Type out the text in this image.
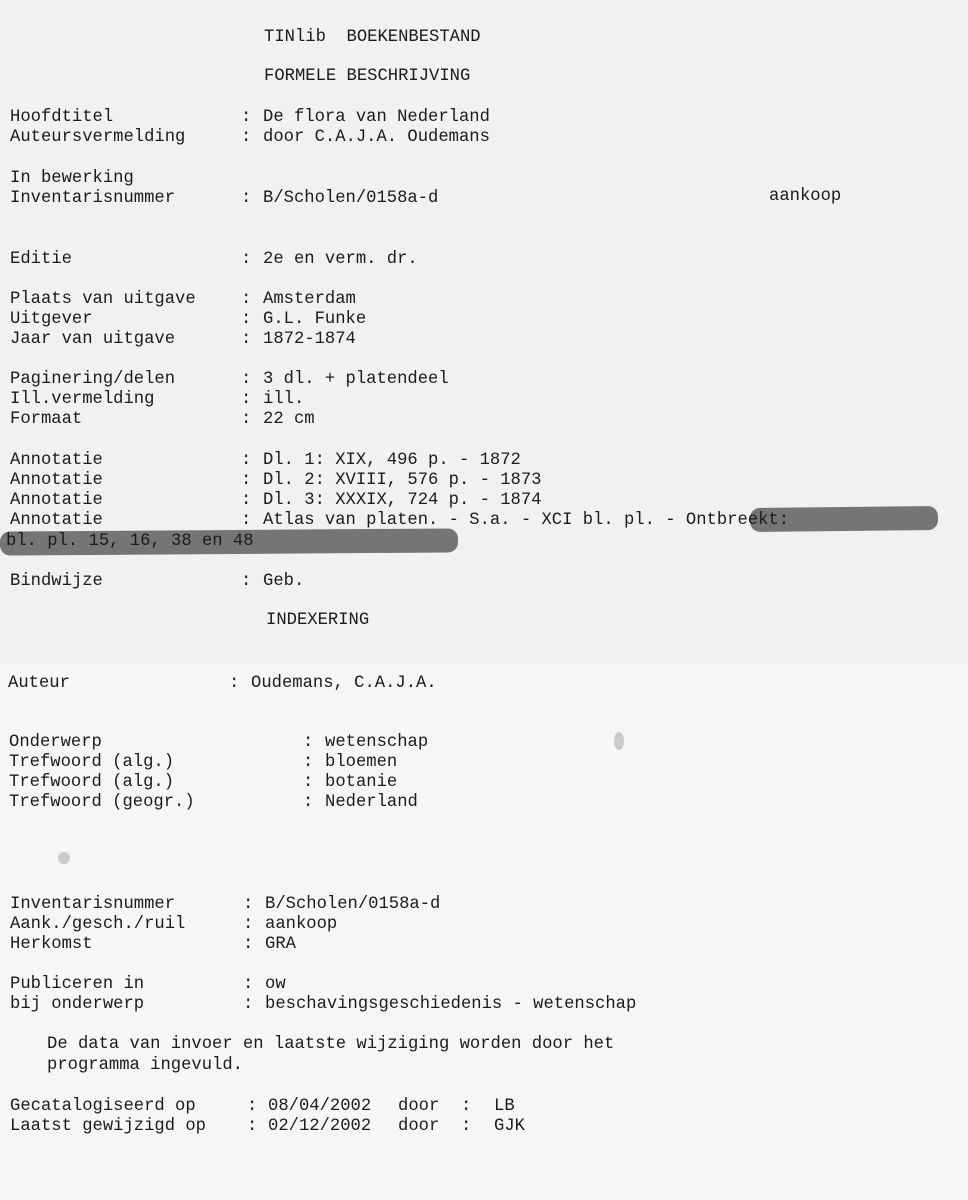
TINlib  BOEKENBESTAND
FORMELE BESCHRIJVING
Hoofdtitel	: De flora van Nederland
Auteursvermelding	: door C.A.J.A. Oudemans
In bewerking
Inventarisnummer	: B/Scholen/0158a-d	aankoop
Editie	: 2e en verm. dr.
Plaats van uitgave	: Amsterdam
Uitgever	: G.L. Funke
Jaar van uitgave	: 1872-1874
Paginering/delen	: 3 dl. + platendeel
Ill.vermelding	: ill.
Formaat	: 22 cm
Annotatie	: Dl. 1: XIX, 496 p. - 1872
Annotatie	: Dl. 2: XVIII, 576 p. - 1873
Annotatie	: Dl. 3: XXXIX, 724 p. - 1874
Annotatie	: Atlas van platen. - S.a. - XCI bl. pl. - Ontbreekt:
bl. pl. 15, 16, 38 en 48
Bindwijze	: Geb.
INDEXERING
Auteur	: Oudemans, C.A.J.A.
Onderwerp	: wetenschap
Trefwoord (alg.)	: bloemen
Trefwoord (alg.)	: botanie
Trefwoord (geogr.)	: Nederland
Inventarisnummer	: B/Scholen/0158a-d
Aank./gesch./ruil	: aankoop
Herkomst	: GRA
Publiceren in	: ow
bij onderwerp	: beschavingsgeschiedenis - wetenschap
De data van invoer en laatste wijziging worden door het
programma ingevuld.
Gecatalogiseerd op	: 08/04/2002 door : LB
Laatst gewijzigd op : 02/12/2002 door : GJK
